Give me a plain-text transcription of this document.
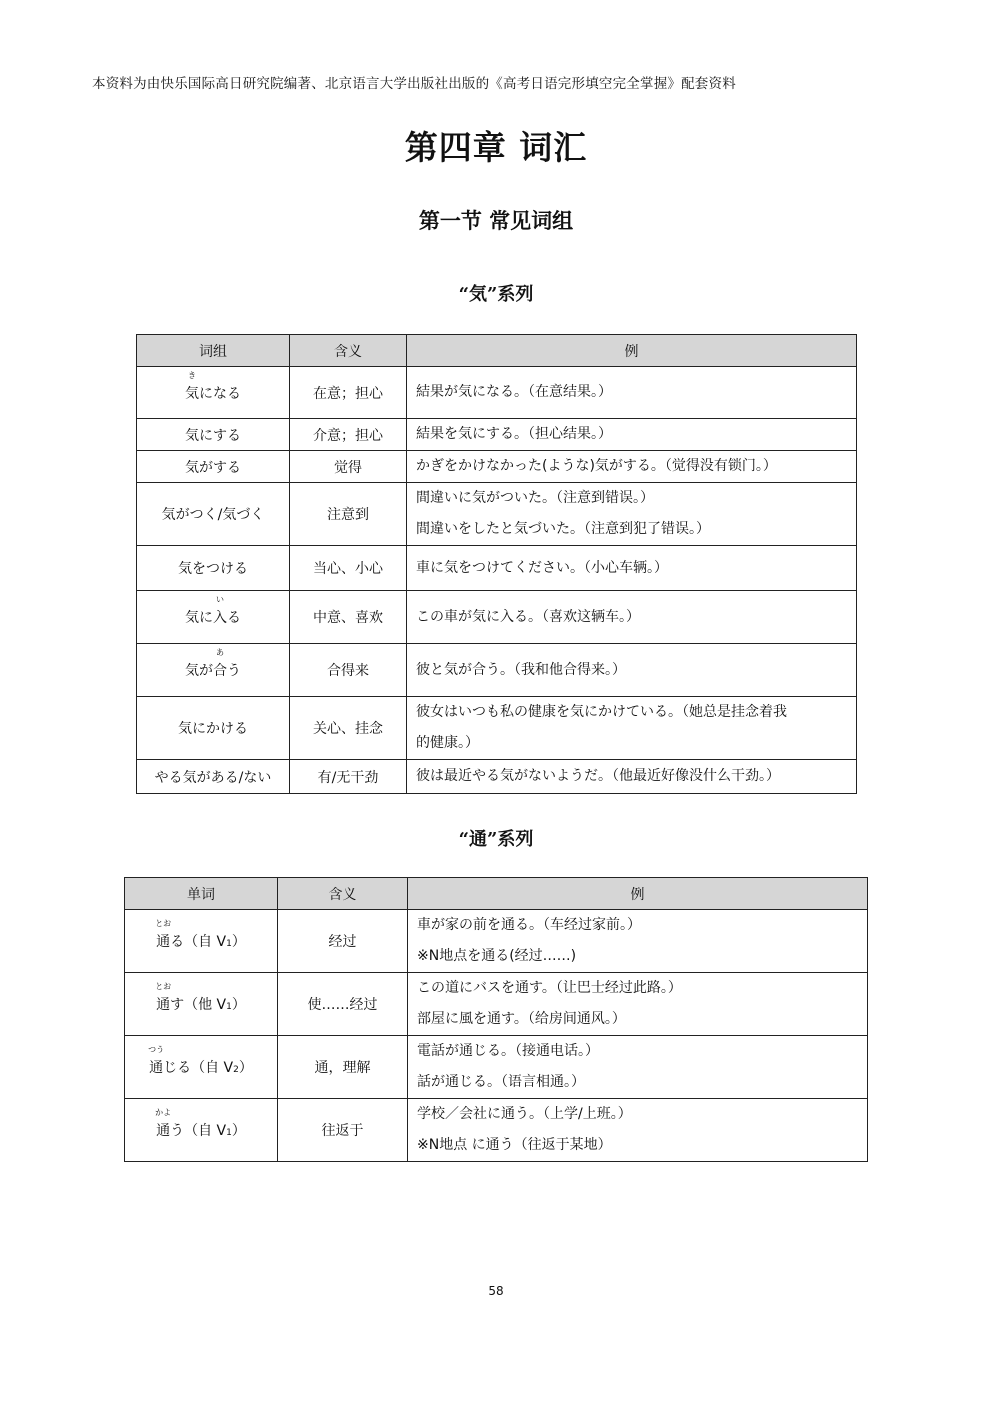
本资料为由快乐国际高日研究院编著、北京语言大学出版社出版的《高考日语完形填空完全掌握》配套资料
第四章 词汇
第一节 常见词组
“気”系列
词组	含义	例

き
気になる	在意；担心	結果が気になる。（在意结果。）

気にする	介意；担心	結果を気にする。（担心结果。）

気がする	觉得	かぎをかけなかった(ような)気がする。（觉得没有锁门。）

気がつく/気づく	注意到	間違いに気がついた。（注意到错误。）
間違いをしたと気づいた。（注意到犯了错误。）

気をつける	当心、小心	車に気をつけてください。（小心车辆。）

気に
い
入る	中意、喜欢	この車が気に入る。（喜欢这辆车。）

気が
あ
合う	合得来	彼と気が合う。（我和他合得来。）

気にかける	关心、挂念	彼女はいつも私の健康を気にかけている。（她总是挂念着我
的健康。）

やる気がある/ない	有/无干劲	彼は最近やる気がないようだ。（他最近好像没什么干劲。）
“通”系列
单词	含义	例

とお
通る（自 V1）	经过	車が家の前を通る。（车经过家前。）
※N地点を通る(经过……)

とお
通す（他 V1）	使……经过	この道にバスを通す。（让巴士经过此路。）
部屋に風を通す。（给房间通风。）

つう
通じる（自 V2）	通，理解	電話が通じる。（接通电话。）
話が通じる。（语言相通。）

かよ
通う（自 V1）	往返于	学校／会社に通う。（上学/上班。）
※N地点 に通う（往返于某地）
58
